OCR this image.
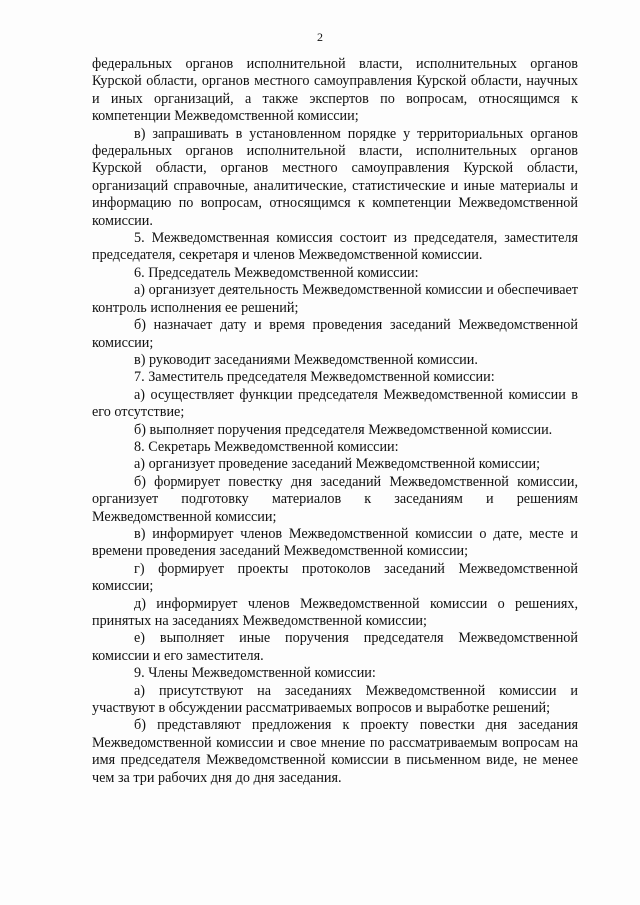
2

федеральных органов исполнительной власти, исполнительных органов Курской области, органов местного самоуправления Курской области, научных и иных организаций, а также экспертов по вопросам, относящимся к компетенции Межведомственной комиссии;

в) запрашивать в установленном порядке у территориальных органов федеральных органов исполнительной власти, исполнительных органов Курской области, органов местного самоуправления Курской области, организаций справочные, аналитические, статистические и иные материалы и информацию по вопросам, относящимся к компетенции Межведомственной комиссии.

5. Межведомственная комиссия состоит из председателя, заместителя председателя, секретаря и членов Межведомственной комиссии.

6. Председатель Межведомственной комиссии:

а) организует деятельность Межведомственной комиссии и обеспечивает контроль исполнения ее решений;

б) назначает дату и время проведения заседаний Межведомственной комиссии;

в) руководит заседаниями Межведомственной комиссии.

7. Заместитель председателя Межведомственной комиссии:

а) осуществляет функции председателя Межведомственной комиссии в его отсутствие;

б) выполняет поручения председателя Межведомственной комиссии.

8. Секретарь Межведомственной комиссии:

а) организует проведение заседаний Межведомственной комиссии;

б) формирует повестку дня заседаний Межведомственной комиссии, организует подготовку материалов к заседаниям и решениям Межведомственной комиссии;

в) информирует членов Межведомственной комиссии о дате, месте и времени проведения заседаний Межведомственной комиссии;

г) формирует проекты протоколов заседаний Межведомственной комиссии;

д) информирует членов Межведомственной комиссии о решениях, принятых на заседаниях Межведомственной комиссии;

е) выполняет иные поручения председателя Межведомственной комиссии и его заместителя.

9. Члены Межведомственной комиссии:

а) присутствуют на заседаниях Межведомственной комиссии и участвуют в обсуждении рассматриваемых вопросов и выработке решений;

б) представляют предложения к проекту повестки дня заседания Межведомственной комиссии и свое мнение по рассматриваемым вопросам на имя председателя Межведомственной комиссии в письменном виде, не менее чем за три рабочих дня до дня заседания.
